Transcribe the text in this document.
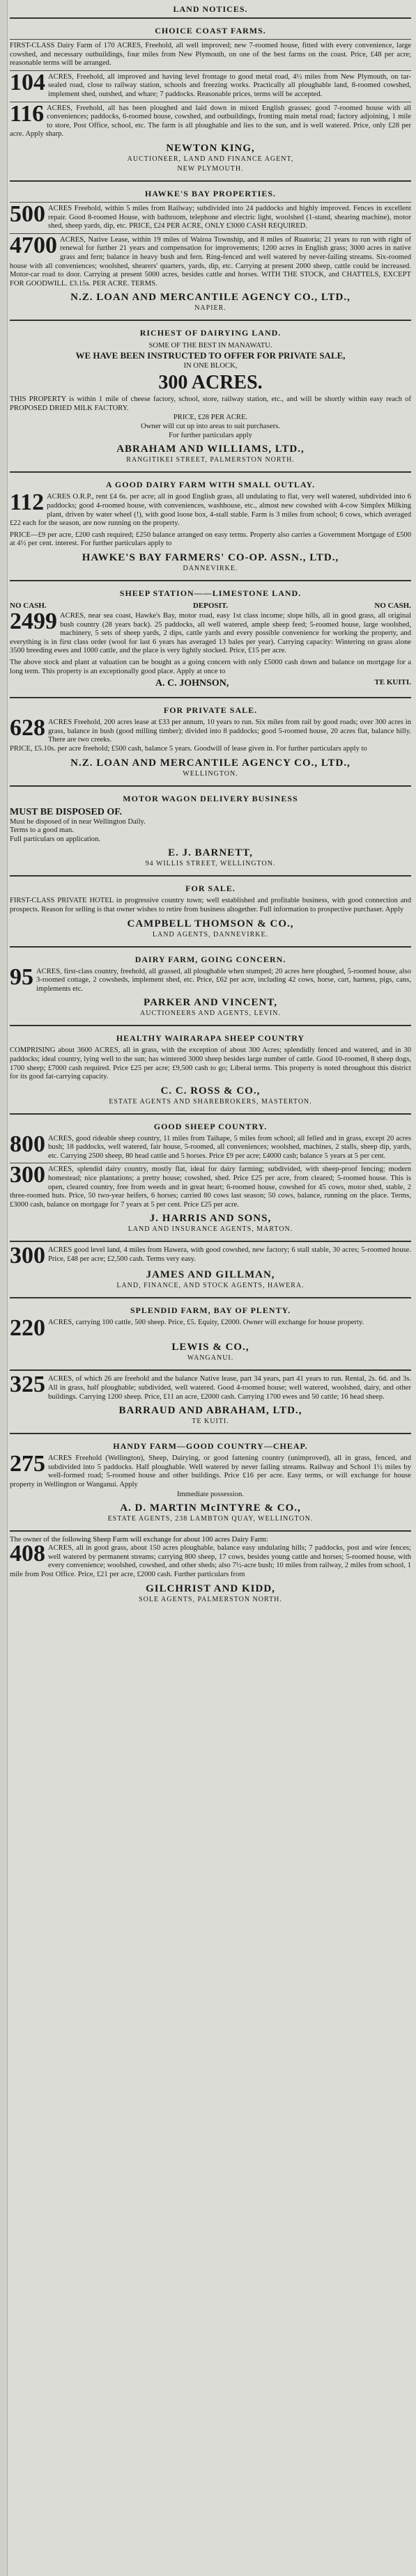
LAND NOTICES.
CHOICE COAST FARMS.
FIRST-CLASS Dairy Farm of 170 ACRES, Freehold, all well improved; new 7-roomed house, fitted with every convenience, large cowshed, and necessary outbuildings, four miles from New Plymouth, on one of the best farms on the coast. Price, £48 per acre; reasonable terms will be arranged.
104 ACRES, Freehold, all improved and having level frontage to good metal road, 4½ miles from New Plymouth, on tar-sealed road, close to railway station, schools and freezing works. Practically all ploughable land, 8-roomed cowshed, implement shed, outshed, and whare; 7 paddocks. Reasonable prices, terms will be accepted.
116 ACRES, Freehold, all has been ploughed and laid down in mixed English grasses; good 7-roomed house with all conveniences; paddocks, 6-roomed house, cowshed, and outbuildings, fronting main metal road; factory adjoining, 1 mile to store, Post Office, school, etc. The farm is all ploughable and lies to the sun, and is well watered. Price, only £28 per acre. Apply sharp.
NEWTON KING,
AUCTIONEER, LAND AND FINANCE AGENT,
NEW PLYMOUTH.
HAWKE'S BAY PROPERTIES.
500 ACRES Freehold, within 5 miles from Railway; subdivided into 24 paddocks and highly improved. Fences in excellent repair. Good 8-roomed House, with bathroom, telephone and electric light, woolshed (1-stand, shearing machine), motor shed, sheep yards, dip, etc. PRICE, £24 PER ACRE, ONLY £3000 CASH REQUIRED.
4700 ACRES, Native Lease, within 19 miles of Wairoa Township, and 8 miles of Ruatoria; 21 years to run with right of renewal for further 21 years and compensation for improvements; 1200 acres in English grass; 3000 acres in native grass and fern; balance in heavy bush and fern. Ring-fenced and well watered by never-failing streams. Six-roomed house with all conveniences; woolshed, shearers' quarters, yards, dip, etc. Carrying at present 2000 sheep, cattle could be increased. Motor-car road to door. Carrying at present 5000 acres, besides cattle and horses. WITH THE STOCK, and CHATTELS, EXCEPT FOR GOODWILL. £3.15s. PER ACRE. TERMS.
N.Z. LOAN AND MERCANTILE AGENCY CO., LTD.,
NAPIER.
RICHEST OF DAIRYING LAND.
SOME OF THE BEST IN MANAWATU.
WE HAVE BEEN INSTRUCTED TO OFFER FOR PRIVATE SALE,
IN ONE BLOCK,
300 ACRES.
THIS PROPERTY is within 1 mile of cheese factory, school, store, railway station, etc., and will be shortly within easy reach of PROPOSED DRIED MILK FACTORY.
PRICE, £28 PER ACRE.
Owner will cut up into areas to suit purchasers.
For further particulars apply
ABRAHAM AND WILLIAMS, LTD.,
RANGITIKEI STREET, PALMERSTON NORTH.
A GOOD DAIRY FARM WITH SMALL OUTLAY.
112 ACRES O.R.P., rent £4 6s. per acre; all in good English grass, all undulating to flat, very well watered, subdivided into 6 paddocks; good 4-roomed house, with conveniences, washhouse, etc., almost new cowshed with 4-cow Simplex Milking plant, driven by water wheel (!), with good loose box, 4-stall stable. Farm is 3 miles from school; 6 cows, which averaged £22 each for the season, are now running on the property.
PRICE—£9 per acre, £200 cash required; £250 balance arranged on easy terms. Property also carries a Government Mortgage of £500 at 4½ per cent. interest. For further particulars apply to
HAWKE'S BAY FARMERS' CO-OP. ASSN., LTD.,
DANNEVIRKE.
SHEEP STATION——LIMESTONE LAND.
NO CASH.	DEPOSIT.	NO CASH.
2499 ACRES, near sea coast, Hawke's Bay, motor road, easy 1st class income; slope hills, all in good grass, all original bush country (28 years back). 25 paddocks, all well watered, ample sheep feed; 5-roomed house, large woolshed, machinery, 5 sets of sheep yards, 2 dips, cattle yards and every possible convenience for working the property, and everything is in first class order (wool for last 6 years has averaged 13 bales per year). Carrying capacity: Wintering on grass alone 3500 breeding ewes and 1000 cattle, and the place is very lightly stocked. Price, £15 per acre.
The above stock and plant at valuation can be bought as a going concern with only £5000 cash down and balance on mortgage for a long term. This property is an exceptionally good place. Apply at once to
A. C. JOHNSON,	TE KUITI.
FOR PRIVATE SALE.
628 ACRES Freehold, 200 acres lease at £33 per annum, 10 years to run. Six miles from rail by good roads; over 300 acres in grass, balance in bush (good milling timber); divided into 8 paddocks; good 5-roomed house, 20 acres flat, balance hilly. There are two creeks.
PRICE, £5.10s. per acre freehold; £500 cash, balance 5 years. Goodwill of lease given in. For further particulars apply to
N.Z. LOAN AND MERCANTILE AGENCY CO., LTD.,
WELLINGTON.
MOTOR WAGON DELIVERY BUSINESS
MUST BE DISPOSED OF.
Must be disposed of in near Wellington Daily.
Terms to a good man.
Full particulars on application.
E. J. BARNETT,
94 WILLIS STREET, WELLINGTON.
FOR SALE.
FIRST-CLASS PRIVATE HOTEL in progressive country town; well established and profitable business, with good connection and prospects. Reason for selling is that owner wishes to retire from business altogether. Full information to prospective purchaser. Apply
CAMPBELL THOMSON & CO.,
LAND AGENTS, DANNEVIRKE.
DAIRY FARM, GOING CONCERN.
95 ACRES, first-class country, freehold, all grassed, all ploughable when stumped; 20 acres here ploughed, 5-roomed house, also 3-roomed cottage, 2 cowsheds, implement shed, etc. Price, £62 per acre, including 42 cows, horse, cart, harness, pigs, cans, implements etc.
PARKER AND VINCENT,
AUCTIONEERS AND AGENTS, LEVIN.
HEALTHY WAIRARAPA SHEEP COUNTRY
COMPRISING about 3600 ACRES, all in grass, with the exception of about 300 Acres; splendidly fenced and watered, and in 30 paddocks; ideal country, lying well to the sun; has wintered 3000 sheep besides large number of cattle. Good 10-roomed, 8 sheep dogs, 1700 sheep; £7000 cash required. Price £25 per acre; £9,500 cash to go; Liberal terms. This property is noted throughout this district for its good fat-carrying capacity.
C. C. ROSS & CO.,
ESTATE AGENTS AND SHAREBROKERS, MASTERTON.
GOOD SHEEP COUNTRY.
800 ACRES, good rideable sheep country, 11 miles from Taihape, 5 miles from school; all felled and in grass, except 20 acres bush; 18 paddocks, well watered, fair house, 5-roomed, all conveniences; woolshed, machines, 2 stalls, sheep dip, yards, etc. Carrying 2500 sheep, 80 head cattle and 5 horses. Price £9 per acre; £4000 cash; balance 5 years at 5 per cent.
300 ACRES, splendid dairy country, mostly flat, ideal for dairy farming; subdivided, with sheep-proof fencing; modern homestead; nice plantations; a pretty house; cowshed, shed. Price £25 per acre, from cleared; 5-roomed house. This is open, cleared country, free from weeds and in great heart; 6-roomed house, cowshed for 45 cows, motor shed, stable, 2 three-roomed huts. Price, 50 two-year heifers, 6 horses; carried 80 cows last season; 50 cows, balance, running on the place. Terms, £3000 cash, balance on mortgage for 7 years at 5 per cent. Price £25 per acre.
J. HARRIS AND SONS,
LAND AND INSURANCE AGENTS, MARTON.
300 ACRES good level land, 4 miles from Hawera, with good cowshed, new factory; 6 stall stable, 30 acres; 5-roomed house. Price, £48 per acre; £2,500 cash. Terms very easy.
JAMES AND GILLMAN,
LAND, FINANCE, AND STOCK AGENTS, HAWERA.
SPLENDID FARM, BAY OF PLENTY.
220 ACRES, carrying 100 cattle, 500 sheep. Price, £5. Equity, £2000. Owner will exchange for house property.
LEWIS & CO.,
WANGANUI.
325 ACRES, of which 26 are freehold and the balance Native lease, part 34 years, part 41 years to run. Rental, 2s. 6d. and 3s. All in grass, half ploughable; subdivided, well watered. Good 4-roomed house; well watered, woolshed, dairy, and other buildings. Carrying 1200 sheep. Price, £11 an acre, £2000 cash. Carrying 1700 ewes and 50 cattle; 16 head sheep.
BARRAUD AND ABRAHAM, LTD.,
TE KUITI.
HANDY FARM—GOOD COUNTRY—CHEAP.
275 ACRES Freehold (Wellington), Sheep, Dairying, or good fattening country (unimproved), all in grass, fenced, and subdivided into 5 paddocks. Half ploughable. Well watered by never failing streams. Railway and School 1½ miles by well-formed road; 5-roomed house and other buildings. Price £16 per acre. Easy terms, or will exchange for house property in Wellington or Wanganui. Apply
Immediate possession.
A. D. MARTIN McINTYRE & CO.,
ESTATE AGENTS, 238 LAMBTON QUAY, WELLINGTON.
The owner of the following Sheep Farm will exchange for about 100 acres Dairy Farm:
408 ACRES, all in good grass, about 150 acres ploughable, balance easy undulating hills; 7 paddocks, post and wire fences; well watered by permanent streams; carrying 800 sheep, 17 cows, besides young cattle and horses; 5-roomed house, with every convenience; woolshed, cowshed, and other sheds; also 7½-acre bush; 10 miles from railway, 2 miles from school, 1 mile from Post Office. Price, £21 per acre, £2000 cash. Further particulars from
GILCHRIST AND KIDD,
SOLE AGENTS, PALMERSTON NORTH.
